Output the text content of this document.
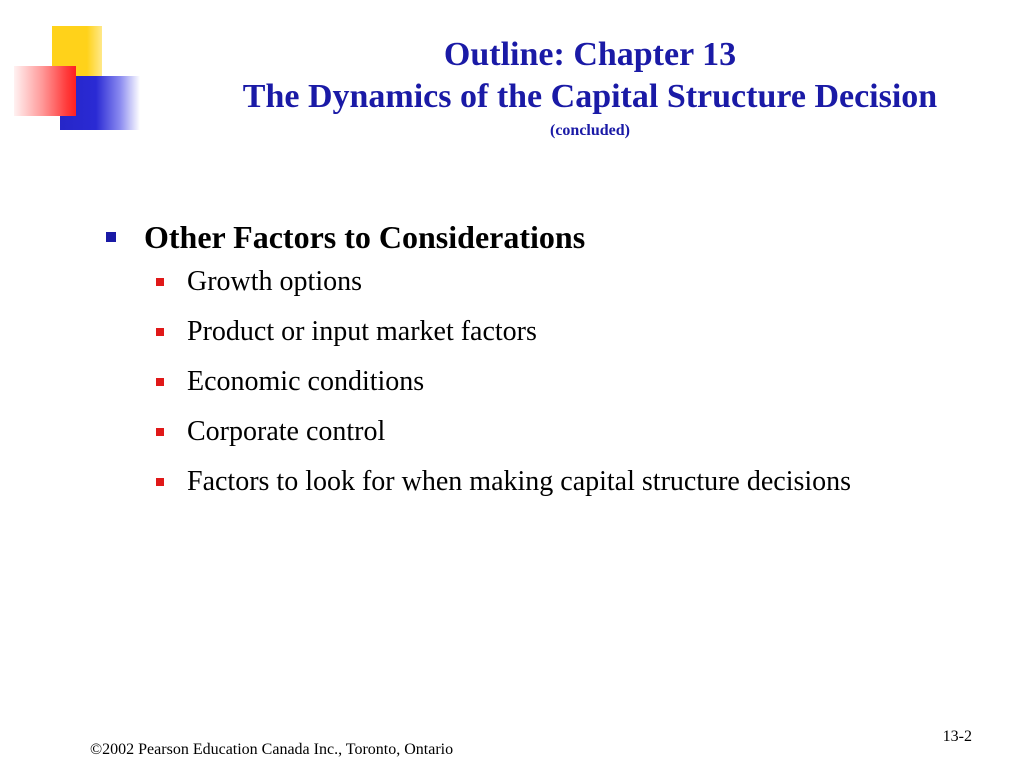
Outline: Chapter 13
The Dynamics of the Capital Structure Decision
(concluded)
Other Factors to Considerations
Growth options
Product or input market factors
Economic conditions
Corporate control
Factors to look for when making capital structure decisions
13-2
©2002 Pearson Education Canada Inc., Toronto, Ontario
